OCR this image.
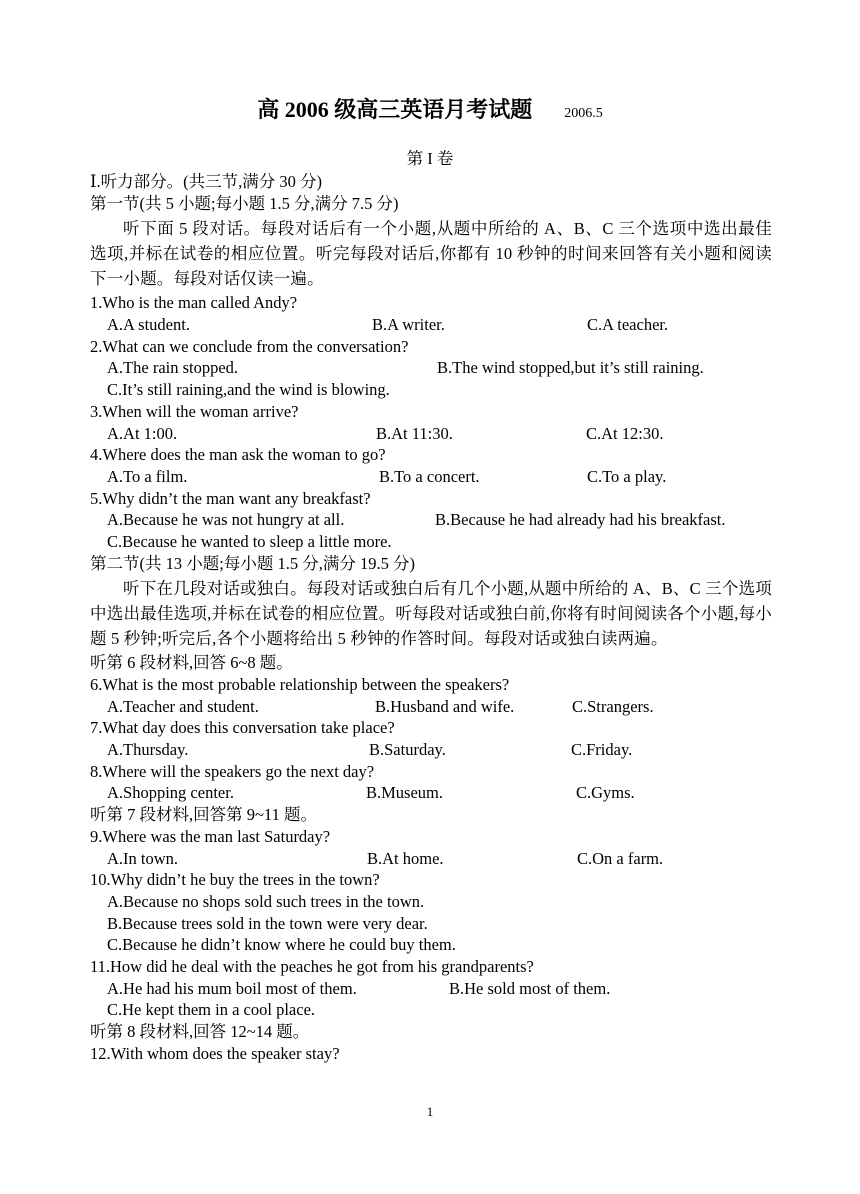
高 2006 级高三英语月考试题 2006.5
第 I 卷
Ⅰ.听力部分。(共三节,满分 30 分)
第一节(共 5 小题;每小题 1.5 分,满分 7.5 分)
听下面 5 段对话。每段对话后有一个小题,从题中所给的 A、B、C 三个选项中选出最佳选项,并标在试卷的相应位置。听完每段对话后,你都有 10 秒钟的时间来回答有关小题和阅读下一小题。每段对话仅读一遍。
1.Who is the man called Andy?
A.A student.	B.A writer.	C.A teacher.
2.What can we conclude from the conversation?
A.The rain stopped.	B.The wind stopped,but it’s still raining.
C.It’s still raining,and the wind is blowing.
3.When will the woman arrive?
A.At 1:00.	B.At 11:30.	C.At 12:30.
4.Where does the man ask the woman to go?
A.To a film.	B.To a concert.	C.To a play.
5.Why didn’t the man want any breakfast?
A.Because he was not hungry at all.	B.Because he had already had his breakfast.
C.Because he wanted to sleep a little more.
第二节(共 13 小题;每小题 1.5 分,满分 19.5 分)
听下在几段对话或独白。每段对话或独白后有几个小题,从题中所给的 A、B、C 三个选项中选出最佳选项,并标在试卷的相应位置。听每段对话或独白前,你将有时间阅读各个小题,每小题 5 秒钟;听完后,各个小题将给出 5 秒钟的作答时间。每段对话或独白读两遍。
听第 6 段材料,回答 6~8 题。
6.What is the most probable relationship between the speakers?
A.Teacher and student.	B.Husband and wife.	C.Strangers.
7.What day does this conversation take place?
A.Thursday.	B.Saturday.	C.Friday.
8.Where will the speakers go the next day?
A.Shopping center.	B.Museum.	C.Gyms.
听第 7 段材料,回答第 9~11 题。
9.Where was the man last Saturday?
A.In town.	B.At home.	C.On a farm.
10.Why didn’t he buy the trees in the town?
A.Because no shops sold such trees in the town.
B.Because trees sold in the town were very dear.
C.Because he didn’t know where he could buy them.
11.How did he deal with the peaches he got from his grandparents?
A.He had his mum boil most of them.	B.He sold most of them.
C.He kept them in a cool place.
听第 8 段材料,回答 12~14 题。
12.With whom does the speaker stay?
1
